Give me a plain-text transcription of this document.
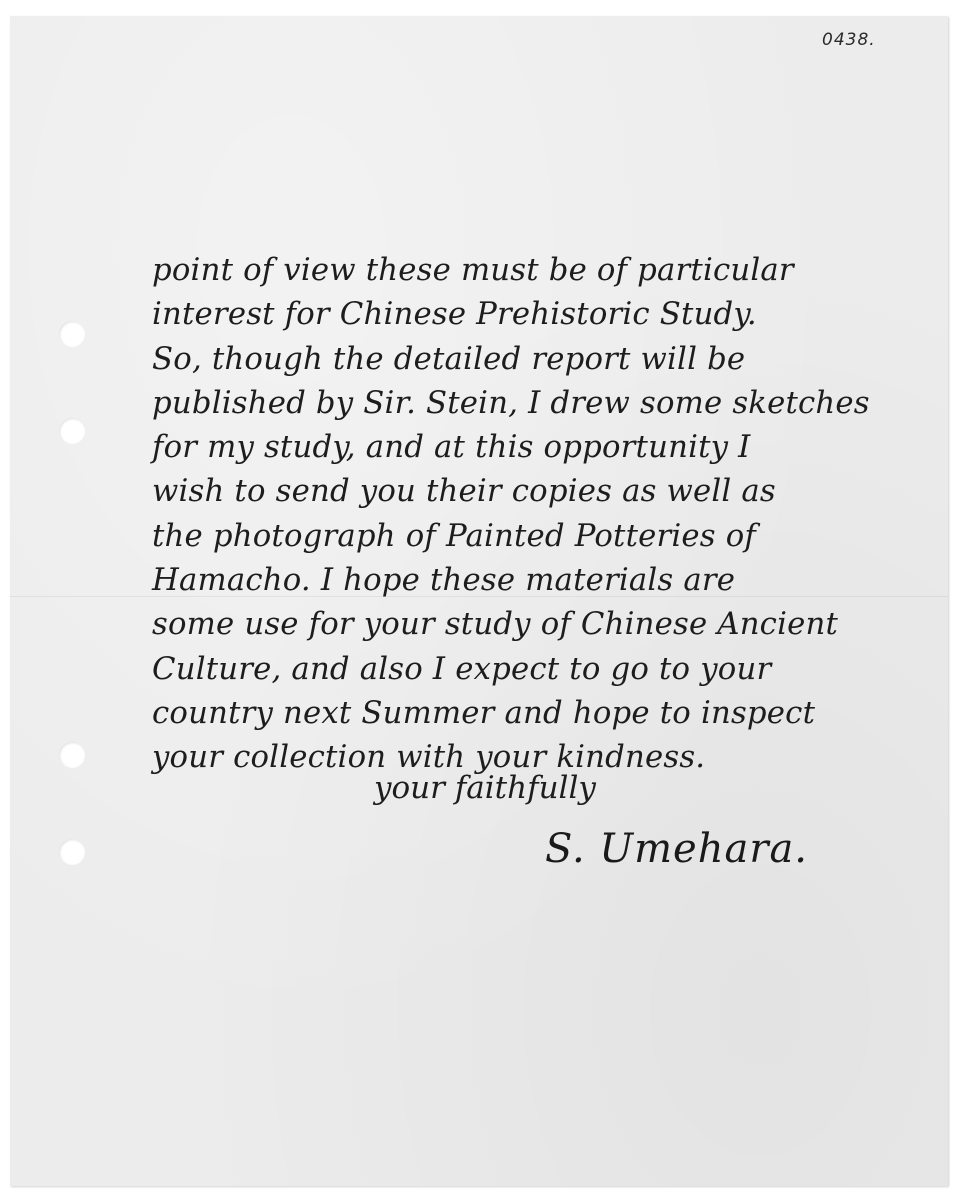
0438.
point of view these must be of particular
interest for Chinese Prehistoric Study.
So, though the detailed report will be
published by Sir. Stein, I drew some sketches
for my study, and at this opportunity I
wish to send you their copies as well as
the photograph of Painted Potteries of
Hamacho. I hope these materials are
some use for your study of Chinese Ancient
Culture, and also I expect to go to your
country next Summer and hope to inspect
your collection with your kindness.
your faithfully
S. Umehara.
